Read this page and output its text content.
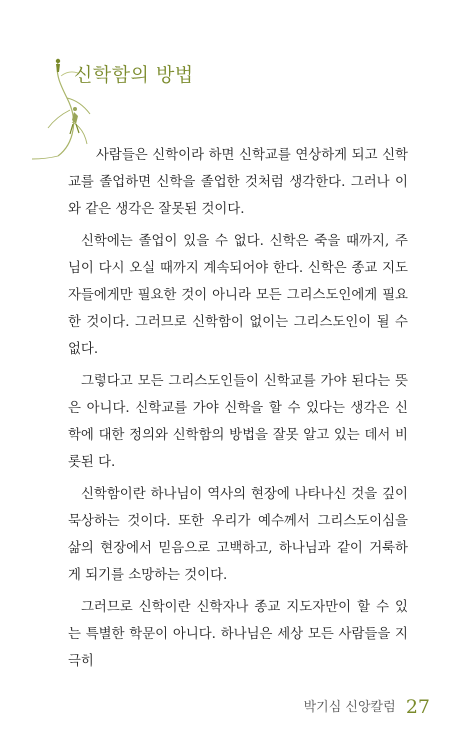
신학함의 방법

사람들은 신학이라 하면 신학교를 연상하게 되고 신학교를 졸업하면 신학을 졸업한 것처럼 생각한다. 그러나 이와 같은 생각은 잘못된 것이다.

신학에는 졸업이 있을 수 없다. 신학은 죽을 때까지, 주님이 다시 오실 때까지 계속되어야 한다. 신학은 종교 지도자들에게만 필요한 것이 아니라 모든 그리스도인에게 필요한 것이다. 그러므로 신학함이 없이는 그리스도인이 될 수 없다.

그렇다고 모든 그리스도인들이 신학교를 가야 된다는 뜻은 아니다. 신학교를 가야 신학을 할 수 있다는 생각은 신학에 대한 정의와 신학함의 방법을 잘못 알고 있는 데서 비롯된 다.

신학함이란 하나님이 역사의 현장에 나타나신 것을 깊이 묵상하는 것이다. 또한 우리가 예수께서 그리스도이심을 삶의 현장에서 믿음으로 고백하고, 하나님과 같이 거룩하게 되기를 소망하는 것이다.

그러므로 신학이란 신학자나 종교 지도자만이 할 수 있는 특별한 학문이 아니다. 하나님은 세상 모든 사람들을 지극히

박기심 신앙칼럼 27
